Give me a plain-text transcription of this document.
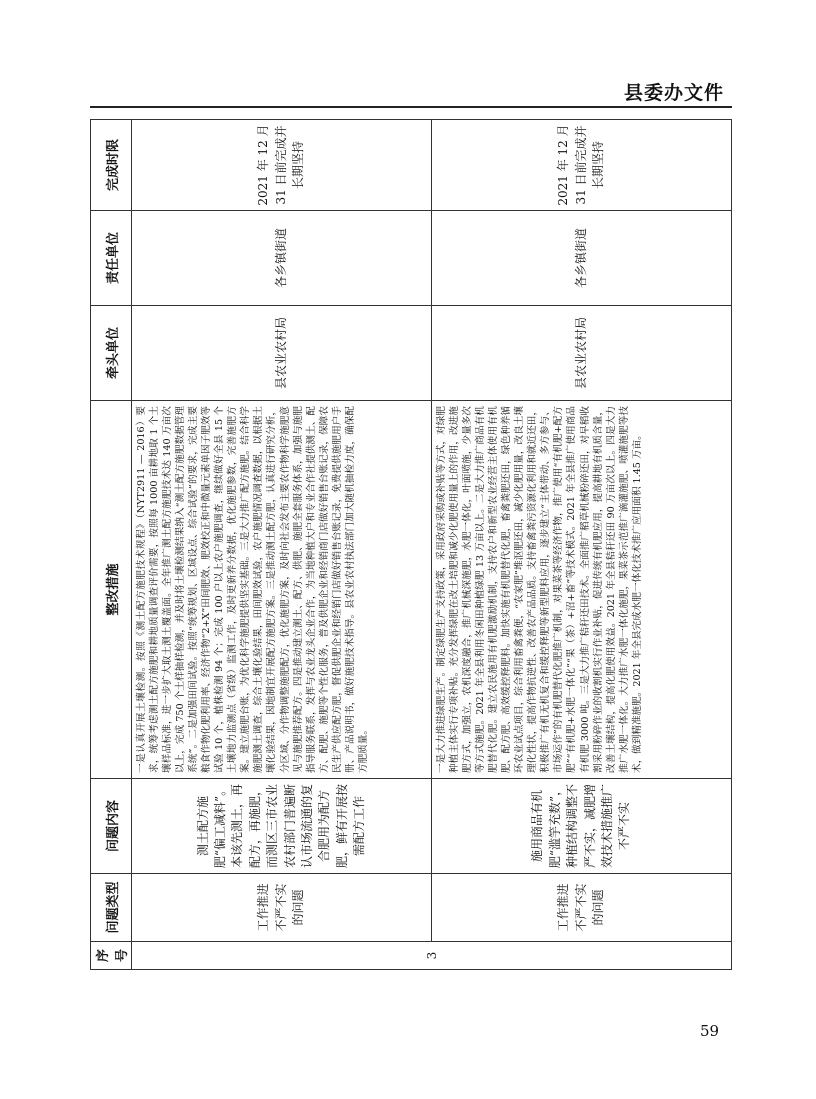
县委办文件
序号	问题类型	问题内容	整改措施	牵头单位	责任单位	完成时限
3	工作推进不严不实的问题	测土配方施肥“偏工减料”。本该先测土，再配方，再施肥，而测区三市农业农村部门普遍断认市场流通的复合肥用为配方肥，鲜有开展按需配方工作	一是认真开展土壤检测。按照《测土配方施肥技术规程》（NYT2911 — 2016）要求，统筹考虑测土配方施肥和耕地质量调查评价需要，按照每 1000 亩耕地取 1 个土壤样品标准，进一步扩大取土测土覆盖面。全年推广测土配方施肥技术达 140 万亩次以上，完成 750 个土样抽样检测，并及时将土壤检测结果纳入“测土配方施肥数据管理系统”。二是加强田间试验。按照“统筹规划、区域设点、综合试验”的要求，完成主要粮食作物化肥利用率、经济作物“2+X”田间肥效、肥效校正和中微量元素单因子肥效等试验 10 个，植株检测 94 个；完成 100 户以上农户施肥调查，继续做好全县 15 个土壤地力监测点（省级）监测工作，及时更新养分数据，优化施肥参数，完善施肥方案。建立施肥台账，为优化科学施肥提供坚实基础。三是大力推广配方施肥。结合科学施肥测土调查，综合土壤化验结果，田间肥效试验，农户施肥情况调查数据，以根据土壤化验结果，因地制宜开展配方施肥方案。三是推动测土配方肥，认真进行研究分析，分区域、分作物调整施肥配方，优化施肥方案，及时向社会发布主要农作物科学施肥意见与施肥推荐配方。四是推动建立测土、配方、供肥、施肥全套服务体系，加强与施肥指导服务联系，发挥与农业龙头企业合作，为当地种植大户和专业合作社提供测土、配方、配肥、施肥等个性化服务，普及供肥企业和经销商门店做好销售台账记录，保障农民生产供应配方肥，督促供肥企业和经销门店做好销售台账记录，免费提供施肥用户手册、产品说明书，做好施肥技术指导。县农业农村执法部门加大随机抽检力度，确保配方肥质量。	县农业农村局	各乡镇街道	2021 年 12 月 31 日前完成并长期坚持
	工作推进不严不实的问题	施用商品有机肥“滥竽充数”，种植结构调整不严不实，减肥增效技术措施推广不严不实	一是大力推进绿肥生产。制定绿肥生产支持政策，采用政府采购或补贴等方式，对绿肥种植主体实行专项补贴。充分发挥绿肥在改土培肥和减少化肥使用量上的作用，改进施肥方式，加强立，农机深度融合，推广机械深施肥，水肥一体化，叶面喷施，少量多次等方式施肥。2021 年全县利用冬闲田种植绿肥 13 万亩以上。二是大力推广商品有机肥替代化肥。建立农民施用有机肥激励机制，支持农户和新型农业经营主体使用有机肥、配方肥、高效缓控释肥料。加快实施有机肥替代化肥，畜禽粪肥还田，绿色种养循环农业试点项目，综合利用畜禽粪便，“农家肥”堆沤肥还田，减少化肥用量，改良土壤理化性状，提高作物抗逆性、改善农产品品质。支持畜禽粪污资源化利用和就近还田，积极推广有机无机复合和缓控释肥等新型肥料应用，逐步建立“主体带动、多方参与、市场运作”的有机肥替代化肥推广机制，对果菜茶等经济作物，推广使用“有机肥+配方肥”“有机肥+水肥一体化”“果（茶）+沼+畜”等技术模式。2021 年全县推广使用商品有机肥 3000 吨。三是大力推广秸秆还田技术。全面推广稻草机械粉碎还田，对早稻收割采用粉碎作业的收割机实行作业补贴，促进传统有机肥应用，提高耕地有机质含量，改善土壤结构，提高化肥使用效益。2021 年全县秸秆还田 90 万亩次以上。四是大力推广水肥一体化。大力推广水肥一体化施肥，果菜茶示范推广滴灌施肥、喷灌施肥等技术，做到精准施肥。2021 年全县完成水肥一体化技术推广应用面积 1.45 万亩。	县农业农村局	各乡镇街道	2021 年 12 月 31 日前完成并长期坚持
59
